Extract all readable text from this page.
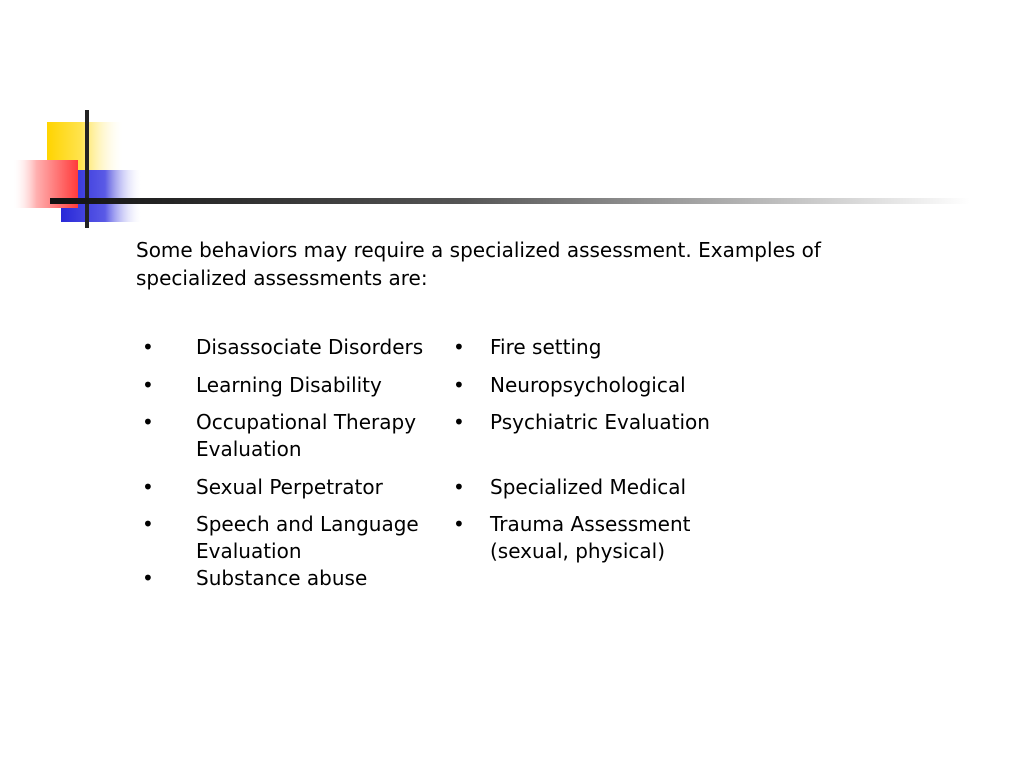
Some behaviors may require a specialized assessment. Examples of specialized assessments are:

• Disassociate Disorders
• Learning Disability
• Occupational Therapy Evaluation
• Sexual Perpetrator
• Speech and Language Evaluation
• Substance abuse
• Fire setting
• Neuropsychological
• Psychiatric Evaluation
• Specialized Medical
• Trauma Assessment (sexual, physical)
